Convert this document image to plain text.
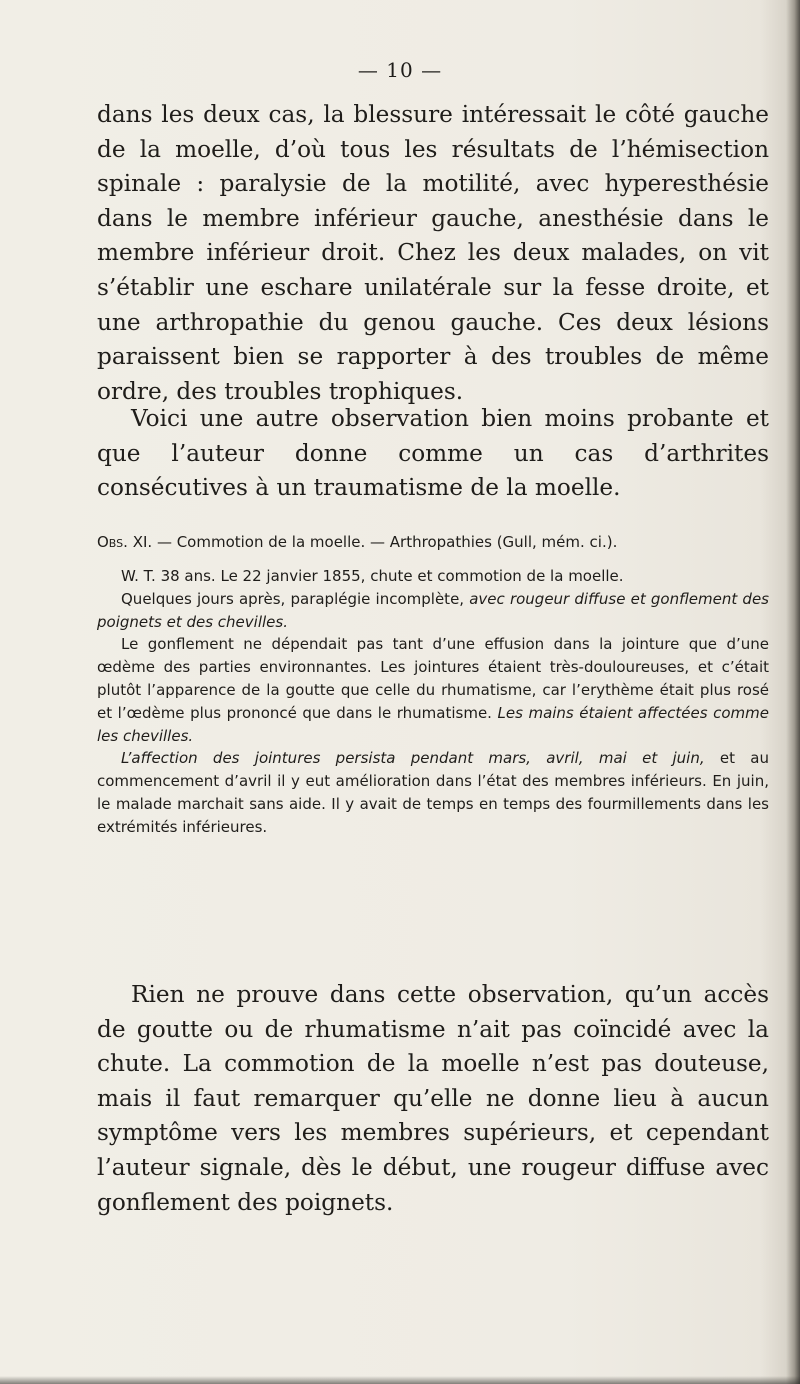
— 10 —

dans les deux cas, la blessure intéressait le côté gauche de la moelle, d’où tous les résultats de l’hémisection spinale : paralysie de la motilité, avec hyperesthésie dans le membre inférieur gauche, anesthésie dans le membre inférieur droit. Chez les deux malades, on vit s’établir une eschare unilatérale sur la fesse droite, et une arthropathie du genou gauche. Ces deux lésions paraissent bien se rapporter à des troubles de même ordre, des troubles trophiques.

Voici une autre observation bien moins probante et que l’auteur donne comme un cas d’arthrites consécutives à un traumatisme de la moelle.

Obs. XI. — Commotion de la moelle. — Arthropathies (Gull, mém. ci.).

W. T. 38 ans. Le 22 janvier 1855, chute et commotion de la moelle.

Quelques jours après, paraplégie incomplète, avec rougeur diffuse et gonflement des poignets et des chevilles.

Le gonflement ne dépendait pas tant d’une effusion dans la jointure que d’une œdème des parties environnantes. Les jointures étaient très-douloureuses, et c’était plutôt l’apparence de la goutte que celle du rhumatisme, car l’erythème était plus rosé et l’œdème plus prononcé que dans le rhumatisme. Les mains étaient affectées comme les chevilles.

L’affection des jointures persista pendant mars, avril, mai et juin, et au commencement d’avril il y eut amélioration dans l’état des membres inférieurs. En juin, le malade marchait sans aide. Il y avait de temps en temps des fourmillements dans les extrémités inférieures.

Rien ne prouve dans cette observation, qu’un accès de goutte ou de rhumatisme n’ait pas coïncidé avec la chute. La commotion de la moelle n’est pas douteuse, mais il faut remarquer qu’elle ne donne lieu à aucun symptôme vers les membres supérieurs, et cependant l’auteur signale, dès le début, une rougeur diffuse avec gonflement des poignets.
